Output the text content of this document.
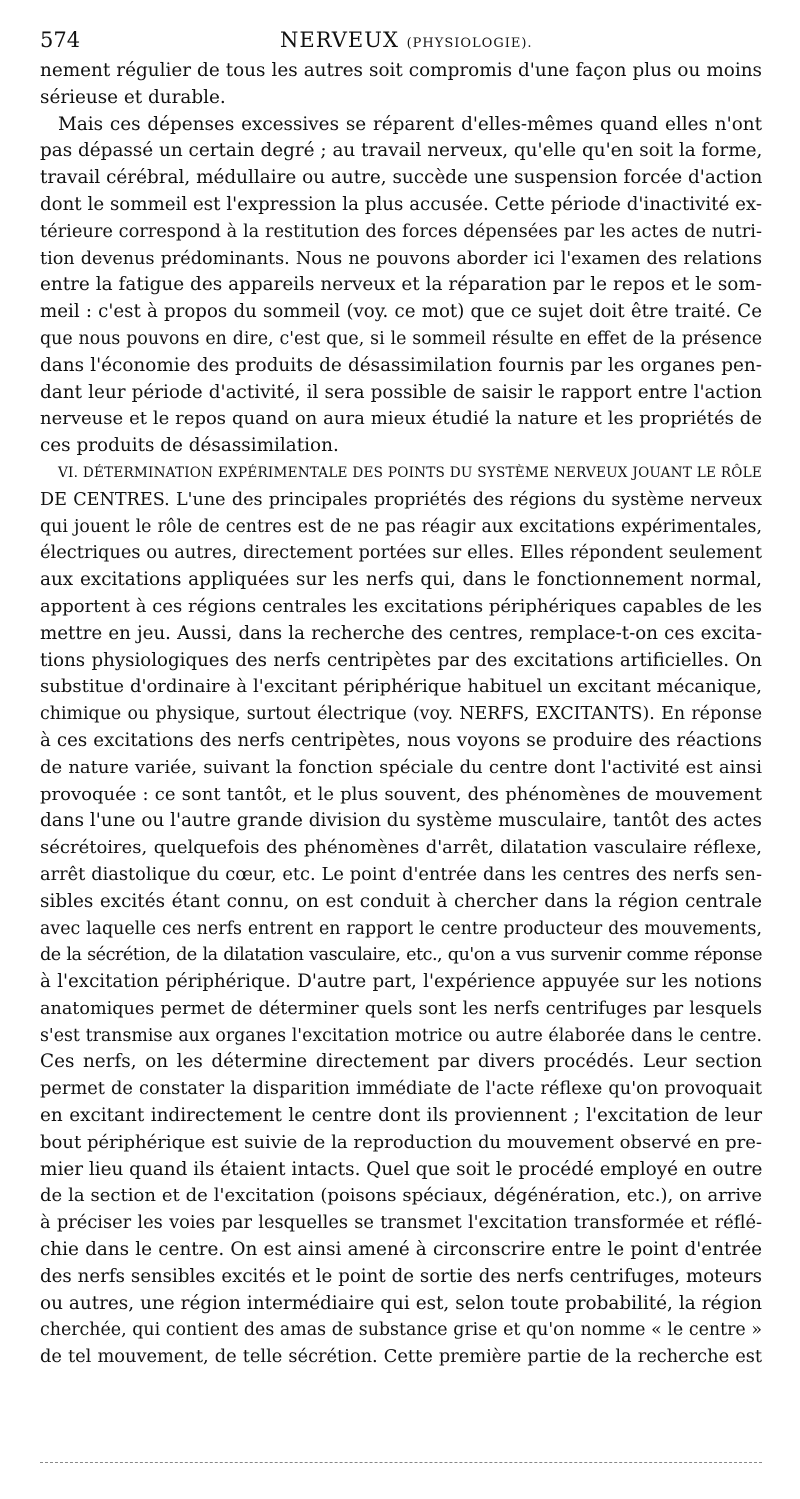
574	NERVEUX (PHYSIOLOGIE).

nement régulier de tous les autres soit compromis d'une façon plus ou moins

sérieuse et durable.

Mais ces dépenses excessives se réparent d'elles-mêmes quand elles n'ont

pas dépassé un certain degré ; au travail nerveux, qu'elle qu'en soit la forme,

travail cérébral, médullaire ou autre, succède une suspension forcée d'action

dont le sommeil est l'expression la plus accusée. Cette période d'inactivité ex-

térieure correspond à la restitution des forces dépensées par les actes de nutri-

tion devenus prédominants. Nous ne pouvons aborder ici l'examen des relations

entre la fatigue des appareils nerveux et la réparation par le repos et le som-

meil : c'est à propos du sommeil (voy. ce mot) que ce sujet doit être traité. Ce

que nous pouvons en dire, c'est que, si le sommeil résulte en effet de la présence

dans l'économie des produits de désassimilation fournis par les organes pen-

dant leur période d'activité, il sera possible de saisir le rapport entre l'action

nerveuse et le repos quand on aura mieux étudié la nature et les propriétés de

ces produits de désassimilation.

VI. DÉTERMINATION EXPÉRIMENTALE DES POINTS DU SYSTÈME NERVEUX JOUANT LE RÔLE

DE CENTRES. L'une des principales propriétés des régions du système nerveux

qui jouent le rôle de centres est de ne pas réagir aux excitations expérimentales,

électriques ou autres, directement portées sur elles. Elles répondent seulement

aux excitations appliquées sur les nerfs qui, dans le fonctionnement normal,

apportent à ces régions centrales les excitations périphériques capables de les

mettre en jeu. Aussi, dans la recherche des centres, remplace-t-on ces excita-

tions physiologiques des nerfs centripètes par des excitations artificielles. On

substitue d'ordinaire à l'excitant périphérique habituel un excitant mécanique,

chimique ou physique, surtout électrique (voy. NERFS, EXCITANTS). En réponse

à ces excitations des nerfs centripètes, nous voyons se produire des réactions

de nature variée, suivant la fonction spéciale du centre dont l'activité est ainsi

provoquée : ce sont tantôt, et le plus souvent, des phénomènes de mouvement

dans l'une ou l'autre grande division du système musculaire, tantôt des actes

sécrétoires, quelquefois des phénomènes d'arrêt, dilatation vasculaire réflexe,

arrêt diastolique du cœur, etc. Le point d'entrée dans les centres des nerfs sen-

sibles excités étant connu, on est conduit à chercher dans la région centrale

avec laquelle ces nerfs entrent en rapport le centre producteur des mouvements,

de la sécrétion, de la dilatation vasculaire, etc., qu'on a vus survenir comme réponse

à l'excitation périphérique. D'autre part, l'expérience appuyée sur les notions

anatomiques permet de déterminer quels sont les nerfs centrifuges par lesquels

s'est transmise aux organes l'excitation motrice ou autre élaborée dans le centre.

Ces nerfs, on les détermine directement par divers procédés. Leur section

permet de constater la disparition immédiate de l'acte réflexe qu'on provoquait

en excitant indirectement le centre dont ils proviennent ; l'excitation de leur

bout périphérique est suivie de la reproduction du mouvement observé en pre-

mier lieu quand ils étaient intacts. Quel que soit le procédé employé en outre

de la section et de l'excitation (poisons spéciaux, dégénération, etc.), on arrive

à préciser les voies par lesquelles se transmet l'excitation transformée et réflé-

chie dans le centre. On est ainsi amené à circonscrire entre le point d'entrée

des nerfs sensibles excités et le point de sortie des nerfs centrifuges, moteurs

ou autres, une région intermédiaire qui est, selon toute probabilité, la région

cherchée, qui contient des amas de substance grise et qu'on nomme « le centre »

de tel mouvement, de telle sécrétion. Cette première partie de la recherche est
